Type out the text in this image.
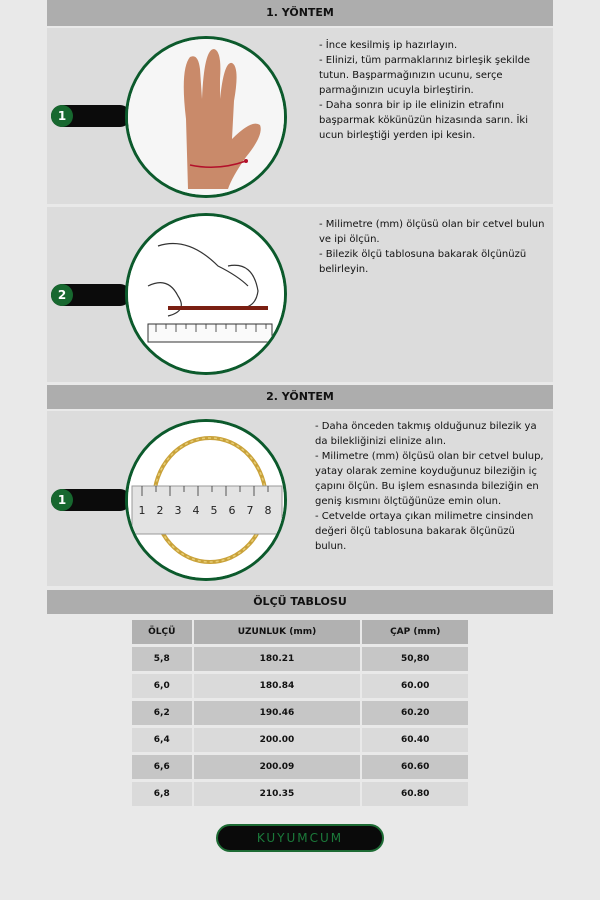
1. YÖNTEM
1

- İnce kesilmiş ip hazırlayın.

- Elinizi, tüm parmaklarınız birleşik şekilde tutun. Başparmağınızın ucunu, serçe parmağınızın ucuyla birleştirin.

- Daha sonra bir ip ile elinizin etrafını başparmak kökünüzün hizasında sarın. İki ucun birleştiği yerden ipi kesin.

2

- Milimetre (mm) ölçüsü olan bir cetvel bulun ve ipi ölçün.

- Bilezik ölçü tablosuna bakarak ölçünüzü belirleyin.

2. YÖNTEM
1
1 2 3 4 5 6 7 8

- Daha önceden takmış olduğunuz bilezik ya da bilekliğinizi elinize alın.

- Milimetre (mm) ölçüsü olan bir cetvel bulup, yatay olarak zemine koyduğunuz bileziğin iç çapını ölçün. Bu işlem esnasında bileziğin en geniş kısmını ölçtüğünüze emin olun.

- Cetvelde ortaya çıkan milimetre cinsinden değeri ölçü tablosuna bakarak ölçünüzü bulun.

ÖLÇÜ TABLOSU
ÖLÇÜ	UZUNLUK (mm)	ÇAP (mm)
5,8	180.21	50,80
6,0	180.84	60.00
6,2	190.46	60.20
6,4	200.00	60.40
6,6	200.09	60.60
6,8	210.35	60.80
KUYUMCUM
